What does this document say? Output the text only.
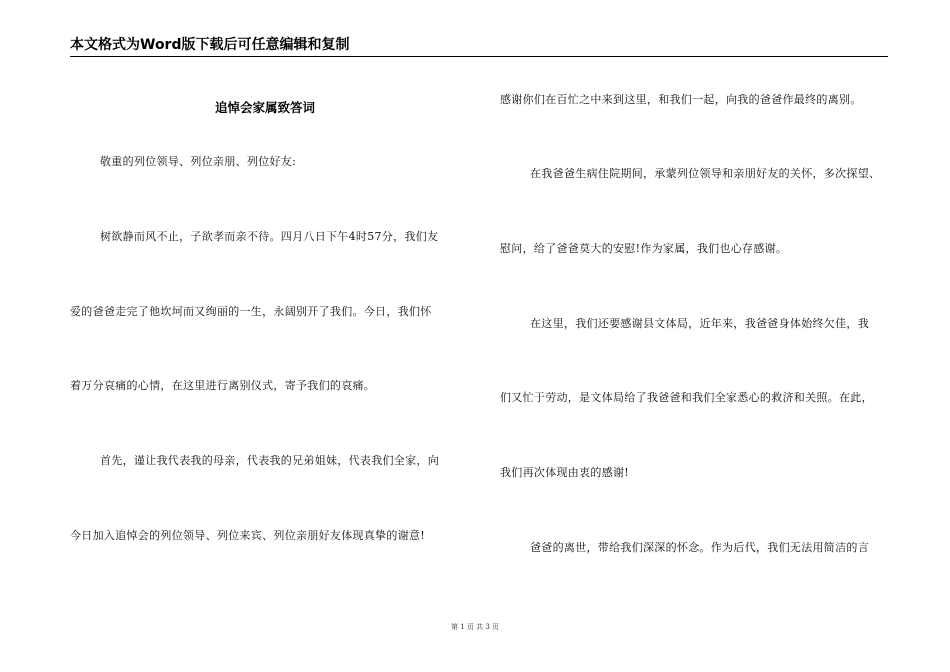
本文格式为Word版下载后可任意编辑和复制
追悼会家属致答词
敬重的列位领导、列位亲朋、列位好友:
树欲静而风不止，子欲孝而亲不待。四月八日下午4时57分，我们友
爱的爸爸走完了他坎坷而又绚丽的一生，永阔别开了我们。今日，我们怀
着万分哀痛的心情，在这里进行离别仪式，寄予我们的哀痛。
首先，谨让我代表我的母亲，代表我的兄弟姐妹，代表我们全家，向
今日加入追悼会的列位领导、列位来宾、列位亲朋好友体现真挚的谢意!
感谢你们在百忙之中来到这里，和我们一起，向我的爸爸作最终的离别。
在我爸爸生病住院期间，承蒙列位领导和亲朋好友的关怀，多次探望、
慰问，给了爸爸莫大的安慰!作为家属，我们也心存感谢。
在这里，我们还要感谢县文体局，近年来，我爸爸身体始终欠佳，我
们又忙于劳动，是文体局给了我爸爸和我们全家悉心的救济和关照。在此，
我们再次体现由衷的感谢!
爸爸的离世，带给我们深深的怀念。作为后代，我们无法用简洁的言
第 1 页 共 3 页
